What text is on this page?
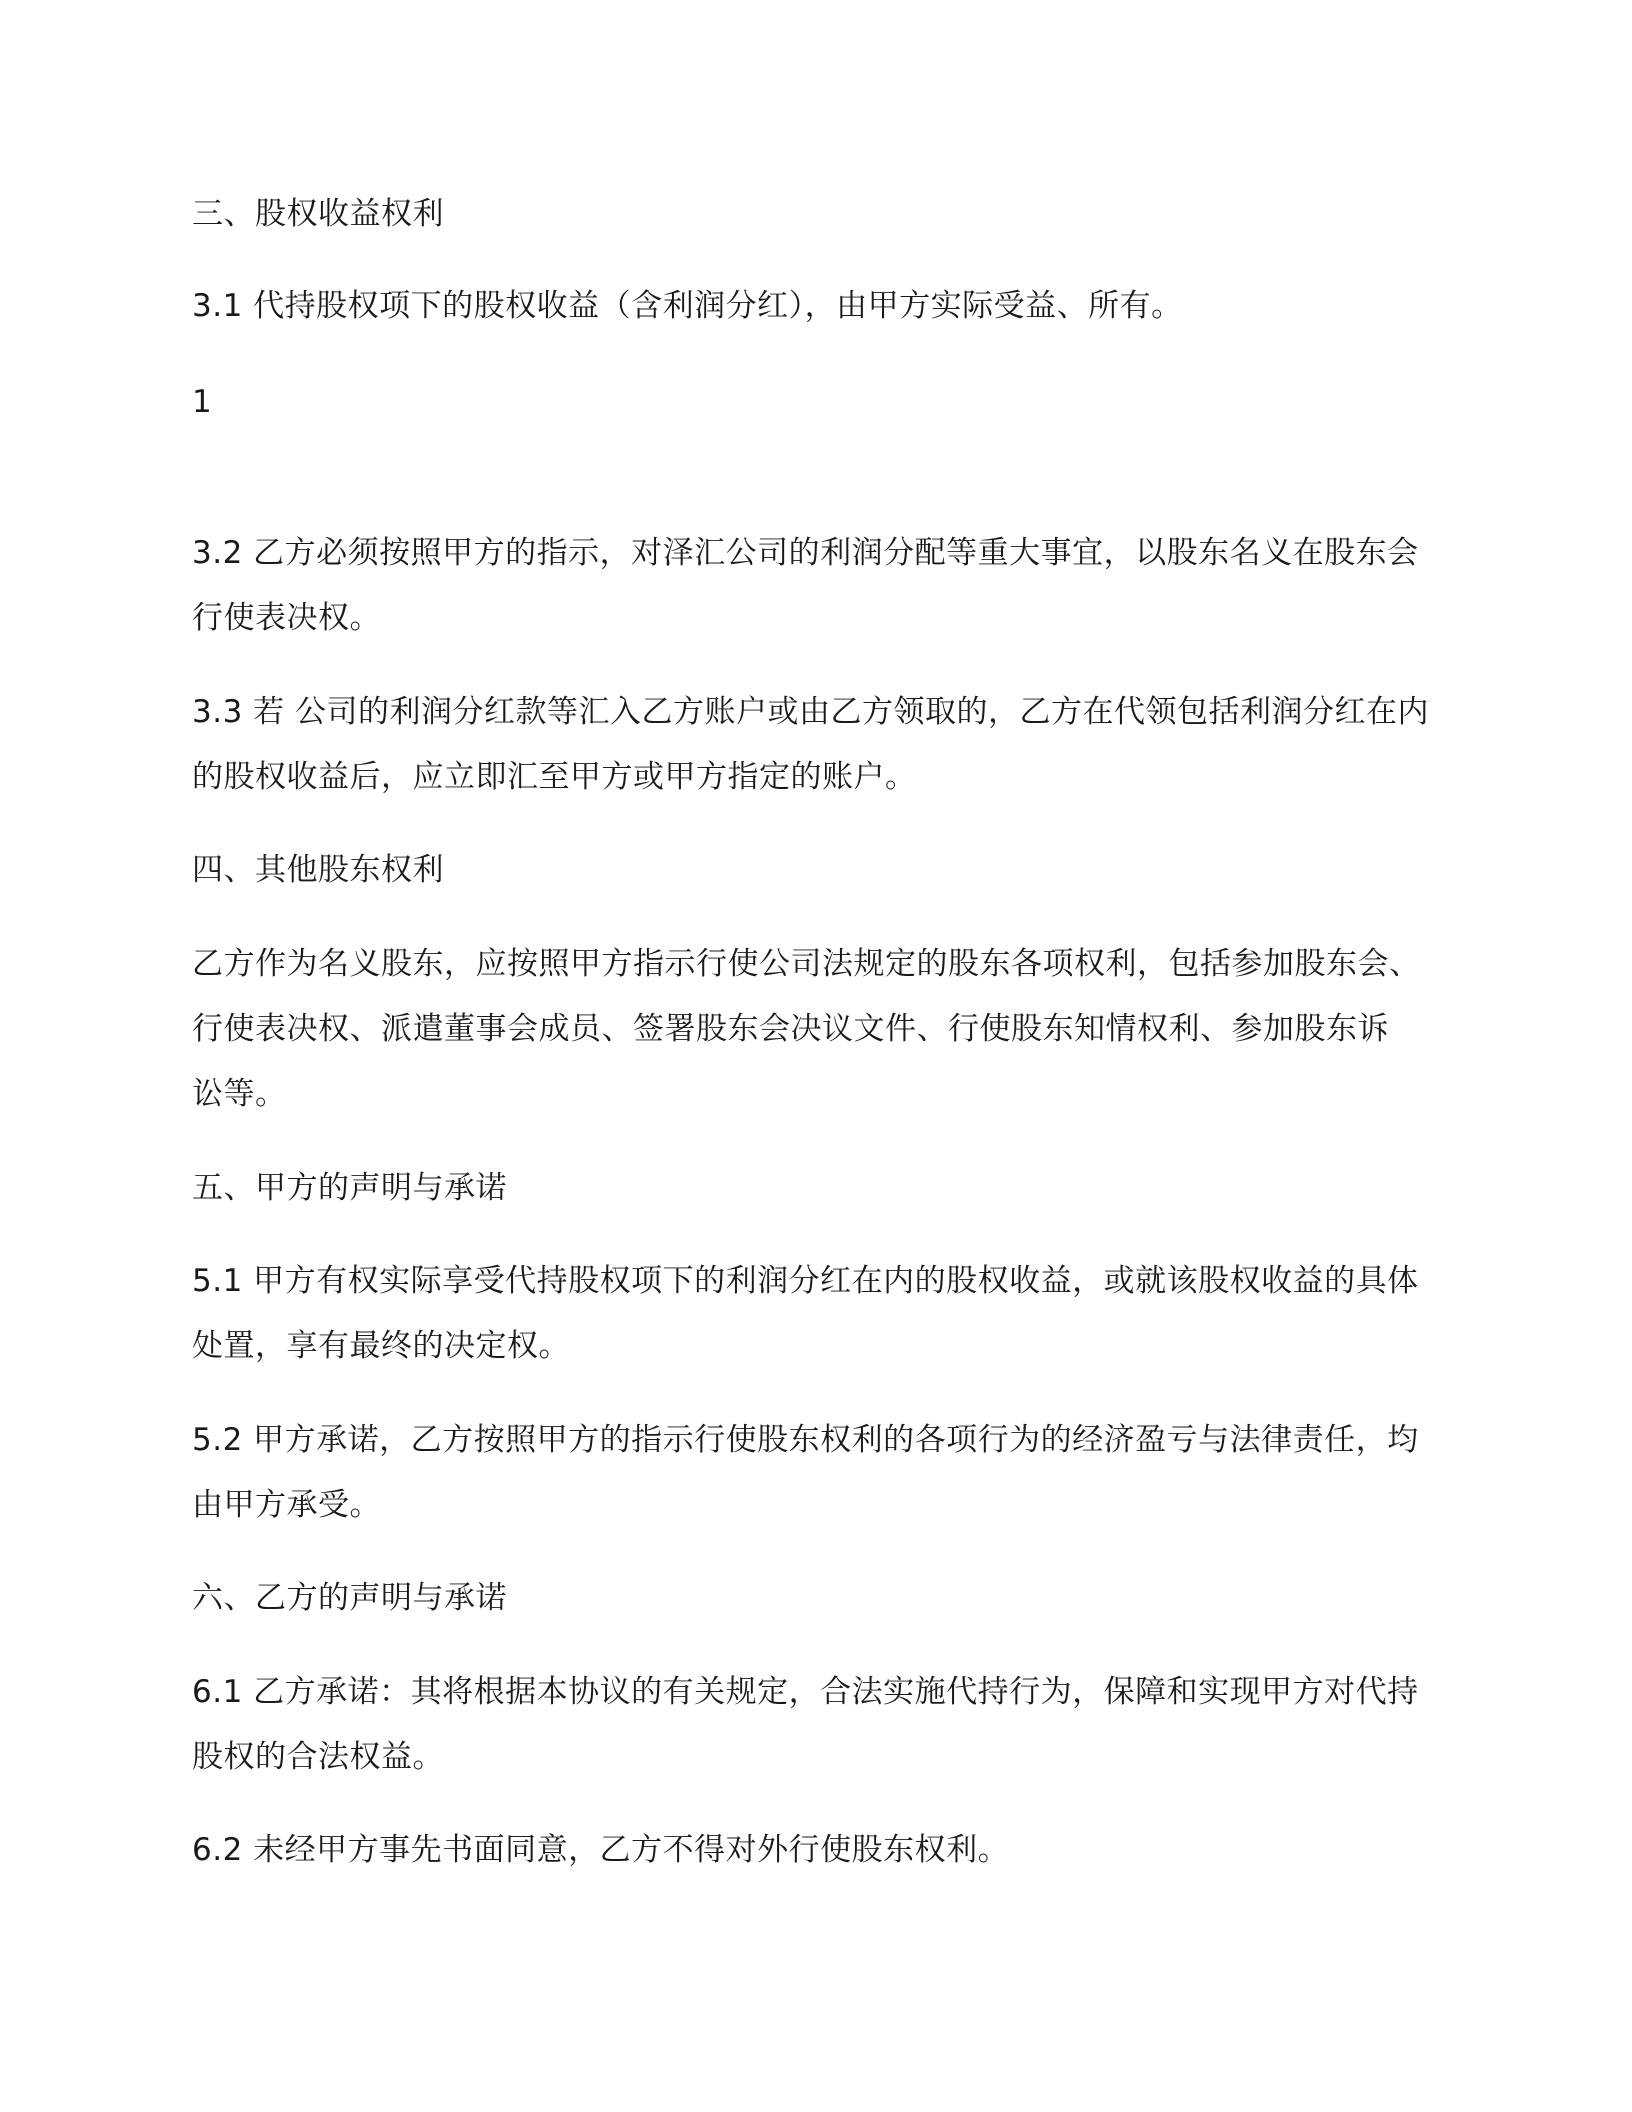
三、股权收益权利
3.1 代持股权项下的股权收益（含利润分红），由甲方实际受益、所有。
1
3.2 乙方必须按照甲方的指示，对泽汇公司的利润分配等重大事宜，以股东名义在股东会
行使表决权。
3.3 若 公司的利润分红款等汇入乙方账户或由乙方领取的，乙方在代领包括利润分红在内
的股权收益后，应立即汇至甲方或甲方指定的账户。
四、其他股东权利
乙方作为名义股东，应按照甲方指示行使公司法规定的股东各项权利，包括参加股东会、
行使表决权、派遣董事会成员、签署股东会决议文件、行使股东知情权利、参加股东诉
讼等。
五、甲方的声明与承诺
5.1 甲方有权实际享受代持股权项下的利润分红在内的股权收益，或就该股权收益的具体
处置，享有最终的决定权。
5.2 甲方承诺，乙方按照甲方的指示行使股东权利的各项行为的经济盈亏与法律责任，均
由甲方承受。
六、乙方的声明与承诺
6.1 乙方承诺：其将根据本协议的有关规定，合法实施代持行为，保障和实现甲方对代持
股权的合法权益。
6.2 未经甲方事先书面同意，乙方不得对外行使股东权利。
